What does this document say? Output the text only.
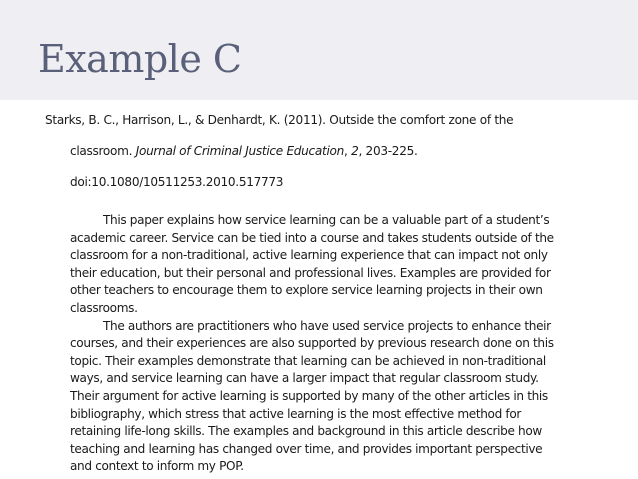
Example C
Starks, B. C., Harrison, L., & Denhardt, K. (2011). Outside the comfort zone of the
classroom. Journal of Criminal Justice Education, 2, 203-225.
doi:10.1080/10511253.2010.517773

This paper explains how service learning can be a valuable part of a student’s
academic career. Service can be tied into a course and takes students outside of the
classroom for a non-traditional, active learning experience that can impact not only
their education, but their personal and professional lives. Examples are provided for
other teachers to encourage them to explore service learning projects in their own
classrooms.

The authors are practitioners who have used service projects to enhance their
courses, and their experiences are also supported by previous research done on this
topic. Their examples demonstrate that learning can be achieved in non-traditional
ways, and service learning can have a larger impact that regular classroom study.
Their argument for active learning is supported by many of the other articles in this
bibliography, which stress that active learning is the most effective method for
retaining life-long skills. The examples and background in this article describe how
teaching and learning has changed over time, and provides important perspective
and context to inform my POP.
